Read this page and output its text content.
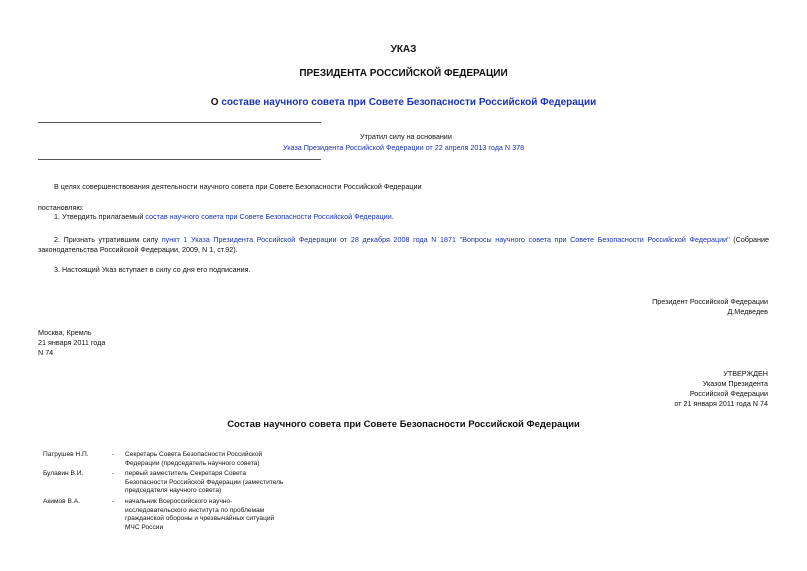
УКАЗ
ПРЕЗИДЕНТА РОССИЙСКОЙ ФЕДЕРАЦИИ
О составе научного совета при Совете Безопасности Российской Федерации
Утратил силу на основании
Указа Президента Российской Федерации от 22 апреля 2013 года N 378
В целях совершенствования деятельности научного совета при Совете Безопасности Российской Федерации
постановляю:
1. Утвердить прилагаемый состав научного совета при Совете Безопасности Российской Федерации.
2. Признать утратившим силу пункт 1 Указа Президента Российской Федерации от 28 декабря 2008 года N 1871 "Вопросы научного совета при Совете Безопасности Российской Федерации" (Собрание законодательства Российской Федерации, 2009, N 1, ст.92).
3. Настоящий Указ вступает в силу со дня его подписания.
Президент Российской Федерации
Д.Медведев
Москва, Кремль
21 января 2011 года
N 74
УТВЕРЖДЕН
Указом Президента
Российской Федерации
от 21 января 2011 года N 74
Состав научного совета при Совете Безопасности Российской Федерации
Патрушев Н.П.	-	Секретарь Совета Безопасности Российской Федерации (председатель научного совета)
Булавин В.И.	-	первый заместитель Секретаря Совета Безопасности Российской Федерации (заместитель председателя научного совета)
Акимов В.А.	-	начальник Всероссийского научно-исследовательского института по проблемам гражданской обороны и чрезвычайных ситуаций МЧС России
